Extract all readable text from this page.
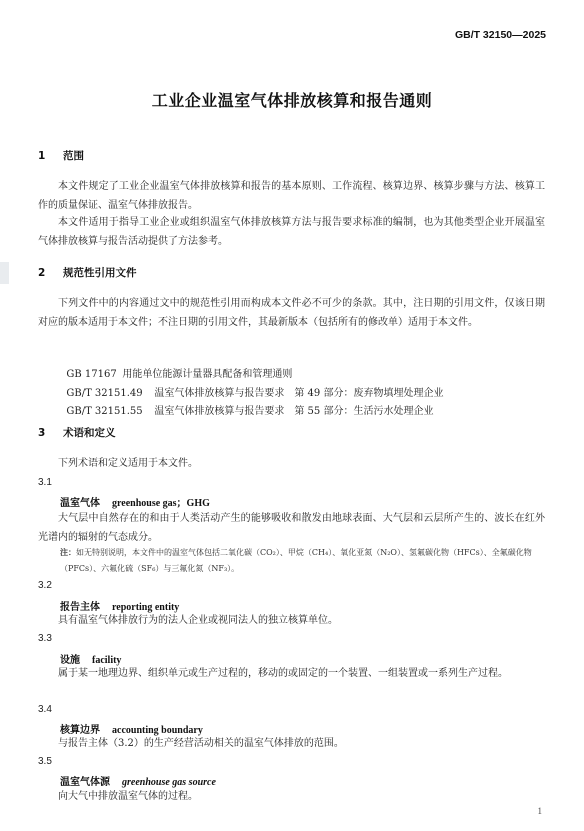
GB/T 32150—2025
工业企业温室气体排放核算和报告通则
1 范围
本文件规定了工业企业温室气体排放核算和报告的基本原则、工作流程、核算边界、核算步骤与方法、核算工作的质量保证、温室气体排放报告。
本文件适用于指导工业企业或组织温室气体排放核算方法与报告要求标准的编制，也为其他类型企业开展温室气体排放核算与报告活动提供了方法参考。
2 规范性引用文件
下列文件中的内容通过文中的规范性引用而构成本文件必不可少的条款。其中，注日期的引用文件，仅该日期对应的版本适用于本文件；不注日期的引用文件，其最新版本（包括所有的修改单）适用于本文件。

GB 17167 用能单位能源计量器具配备和管理通则

GB/T 32151.49 温室气体排放核算与报告要求　第 49 部分：废弃物填埋处理企业

GB/T 32151.55 温室气体排放核算与报告要求　第 55 部分：生活污水处理企业

3 术语和定义
下列术语和定义适用于本文件。
3.1
温室气体 greenhouse gas；GHG
大气层中自然存在的和由于人类活动产生的能够吸收和散发由地球表面、大气层和云层所产生的、波长在红外光谱内的辐射的气态成分。
注：如无特别说明，本文件中的温室气体包括二氧化碳（CO₂）、甲烷（CH₄）、氧化亚氮（N₂O）、氢氟碳化物（HFCs）、全氟碳化物（PFCs）、六氟化硫（SF₆）与三氟化氮（NF₃）。
3.2
报告主体 reporting entity
具有温室气体排放行为的法人企业或视同法人的独立核算单位。
3.3
设施 facility
属于某一地理边界、组织单元或生产过程的，移动的或固定的一个装置、一组装置或一系列生产过程。
3.4
核算边界 accounting boundary
与报告主体（3.2）的生产经营活动相关的温室气体排放的范围。
3.5
温室气体源 greenhouse gas source
向大气中排放温室气体的过程。
1
